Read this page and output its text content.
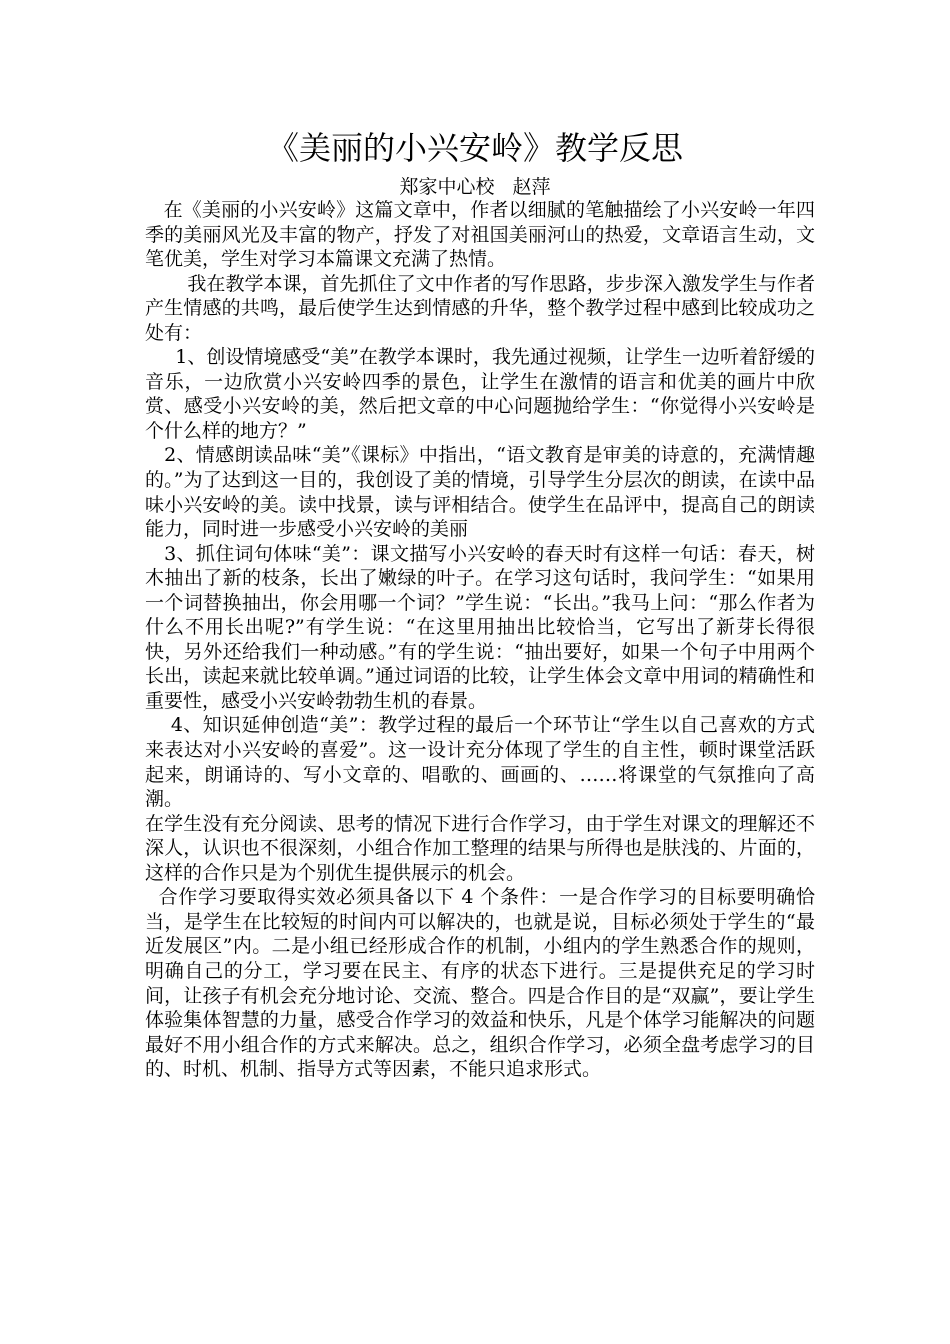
《美丽的小兴安岭》教学反思
郑家中心校   赵萍

在《美丽的小兴安岭》这篇文章中，作者以细腻的笔触描绘了小兴安岭一年四季的美丽风光及丰富的物产，抒发了对祖国美丽河山的热爱，文章语言生动，文笔优美，学生对学习本篇课文充满了热情。

我在教学本课，首先抓住了文中作者的写作思路，步步深入激发学生与作者产生情感的共鸣，最后使学生达到情感的升华，整个教学过程中感到比较成功之处有：

1、创设情境感受“美”在教学本课时，我先通过视频，让学生一边听着舒缓的音乐，一边欣赏小兴安岭四季的景色，让学生在激情的语言和优美的画片中欣赏、感受小兴安岭的美，然后把文章的中心问题抛给学生：“你觉得小兴安岭是个什么样的地方？”

2、情感朗读品味“美”《课标》中指出，“语文教育是审美的诗意的，充满情趣的。”为了达到这一目的，我创设了美的情境，引导学生分层次的朗读，在读中品味小兴安岭的美。读中找景，读与评相结合。使学生在品评中，提高自己的朗读能力，同时进一步感受小兴安岭的美丽

3、抓住词句体味“美”：课文描写小兴安岭的春天时有这样一句话：春天，树木抽出了新的枝条，长出了嫩绿的叶子。在学习这句话时，我问学生：“如果用一个词替换抽出，你会用哪一个词？”学生说：“长出。”我马上问：“那么作者为什么不用长出呢?”有学生说：“在这里用抽出比较恰当，它写出了新芽长得很快，另外还给我们一种动感。”有的学生说：“抽出要好，如果一个句子中用两个长出，读起来就比较单调。”通过词语的比较，让学生体会文章中用词的精确性和重要性，感受小兴安岭勃勃生机的春景。

4、知识延伸创造“美”：教学过程的最后一个环节让“学生以自己喜欢的方式来表达对小兴安岭的喜爱”。这一设计充分体现了学生的自主性，顿时课堂活跃起来，朗诵诗的、写小文章的、唱歌的、画画的、……将课堂的气氛推向了高潮。

在学生没有充分阅读、思考的情况下进行合作学习，由于学生对课文的理解还不深人，认识也不很深刻，小组合作加工整理的结果与所得也是肤浅的、片面的，这样的合作只是为个别优生提供展示的机会。

合作学习要取得实效必须具备以下 4 个条件：一是合作学习的目标要明确恰当，是学生在比较短的时间内可以解决的，也就是说，目标必须处于学生的“最近发展区”内。二是小组已经形成合作的机制，小组内的学生熟悉合作的规则，明确自己的分工，学习要在民主、有序的状态下进行。三是提供充足的学习时间，让孩子有机会充分地讨论、交流、整合。四是合作目的是“双赢”，要让学生体验集体智慧的力量，感受合作学习的效益和快乐，凡是个体学习能解决的问题最好不用小组合作的方式来解决。总之，组织合作学习，必须全盘考虑学习的目的、时机、机制、指导方式等因素，不能只追求形式。
